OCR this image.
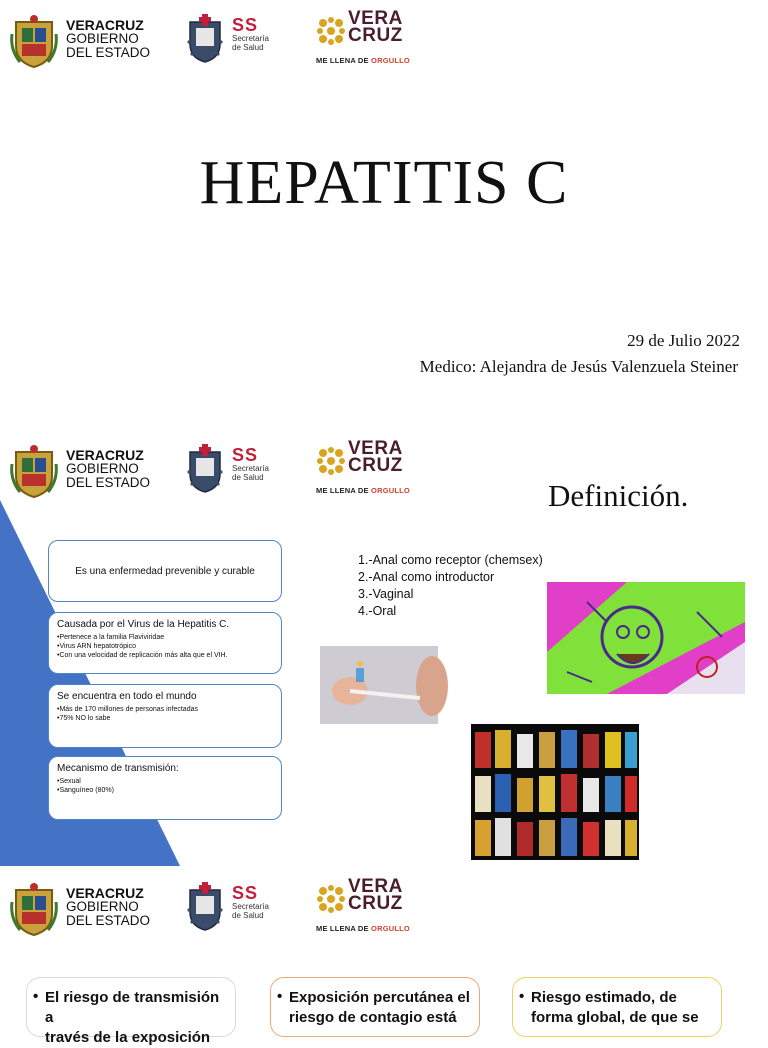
VERACRUZ
GOBIERNO
DEL ESTADO
SS
Secretaría
de Salud
VERA
CRUZ
ME LLENA DE ORGULLO
HEPATITIS C
29 de Julio 2022
Medico: Alejandra de Jesús Valenzuela Steiner
VERACRUZ
GOBIERNO
DEL ESTADO
SS
Secretaría
de Salud
VERA
CRUZ
ME LLENA DE ORGULLO	Definición.
Es una enfermedad prevenible y curable
Causada por el Virus de la Hepatitis C.
• Pertenece a la familia Flaviviridae
• Virus ARN hepatotrópico
• Con una velocidad de replicación más alta que el VIH.
Se encuentra en todo el mundo
• Más de 170 millones de personas infectadas
• 75% NO lo sabe
Mecanismo de transmisión:
• Sexual
• Sanguíneo (80%)
1.-Anal como receptor (chemsex)
2.-Anal como introductor
3.-Vaginal
4.-Oral
VERACRUZ
GOBIERNO
DEL ESTADO
SS
Secretaría
de Salud
VERA
CRUZ
ME LLENA DE ORGULLO
• El riesgo de transmisión a
través de la exposición
• Exposición percutánea el
riesgo de contagio está
• Riesgo estimado, de
forma global, de que se
